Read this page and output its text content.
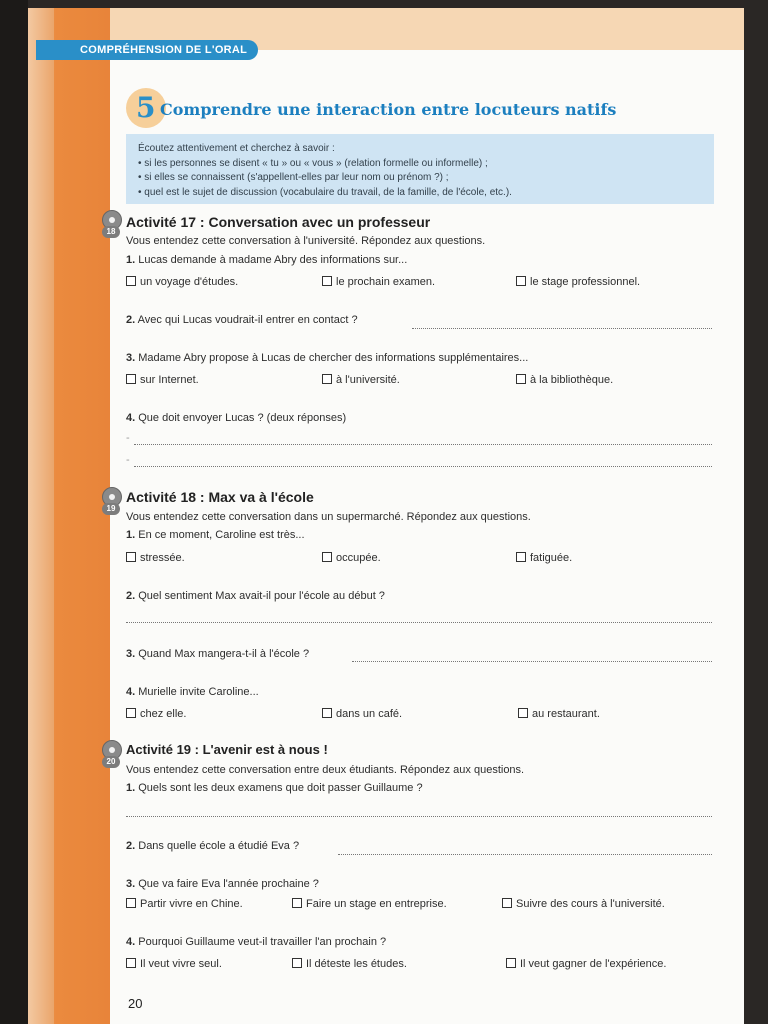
COMPRÉHENSION DE L'ORAL
5 Comprendre une interaction entre locuteurs natifs
Écoutez attentivement et cherchez à savoir :
• si les personnes se disent « tu » ou « vous » (relation formelle ou informelle) ;
• si elles se connaissent (s'appellent-elles par leur nom ou prénom ?) ;
• quel est le sujet de discussion (vocabulaire du travail, de la famille, de l'école, etc.).
18
Activité 17 : Conversation avec un professeur
Vous entendez cette conversation à l'université. Répondez aux questions.
1. Lucas demande à madame Abry des informations sur...
un voyage d'études.	le prochain examen.	le stage professionnel.
2. Avec qui Lucas voudrait-il entrer en contact ?
3. Madame Abry propose à Lucas de chercher des informations supplémentaires...
sur Internet.	à l'université.	à la bibliothèque.
4. Que doit envoyer Lucas ? (deux réponses)
-
-
19
Activité 18 : Max va à l'école
Vous entendez cette conversation dans un supermarché. Répondez aux questions.
1. En ce moment, Caroline est très...
stressée.	occupée.	fatiguée.
2. Quel sentiment Max avait-il pour l'école au début ?
3. Quand Max mangera-t-il à l'école ?
4. Murielle invite Caroline...
chez elle.	dans un café.	au restaurant.
20
Activité 19 : L'avenir est à nous !
Vous entendez cette conversation entre deux étudiants. Répondez aux questions.
1. Quels sont les deux examens que doit passer Guillaume ?
2. Dans quelle école a étudié Eva ?
3. Que va faire Eva l'année prochaine ?
Partir vivre en Chine.	Faire un stage en entreprise.	Suivre des cours à l'université.
4. Pourquoi Guillaume veut-il travailler l'an prochain ?
Il veut vivre seul.	Il déteste les études.	Il veut gagner de l'expérience.
20
